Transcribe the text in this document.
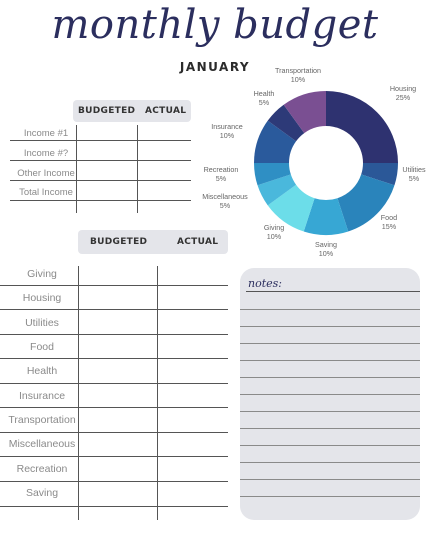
monthly budget
JANUARY
BUDGETED ACTUAL
Income #1
Income #?
Other Income
Total Income
Housing
25%
Utilities
5%
Food
15%
Saving
10%
Giving
10%
Miscellaneous
5%
Recreation
5%
Insurance
10%
Health
5%
Transportation
10%
BUDGETED	ACTUAL
Giving
Housing
Utilities
Food
Health
Insurance
Transportation
Miscellaneous
Recreation
Saving
notes:
